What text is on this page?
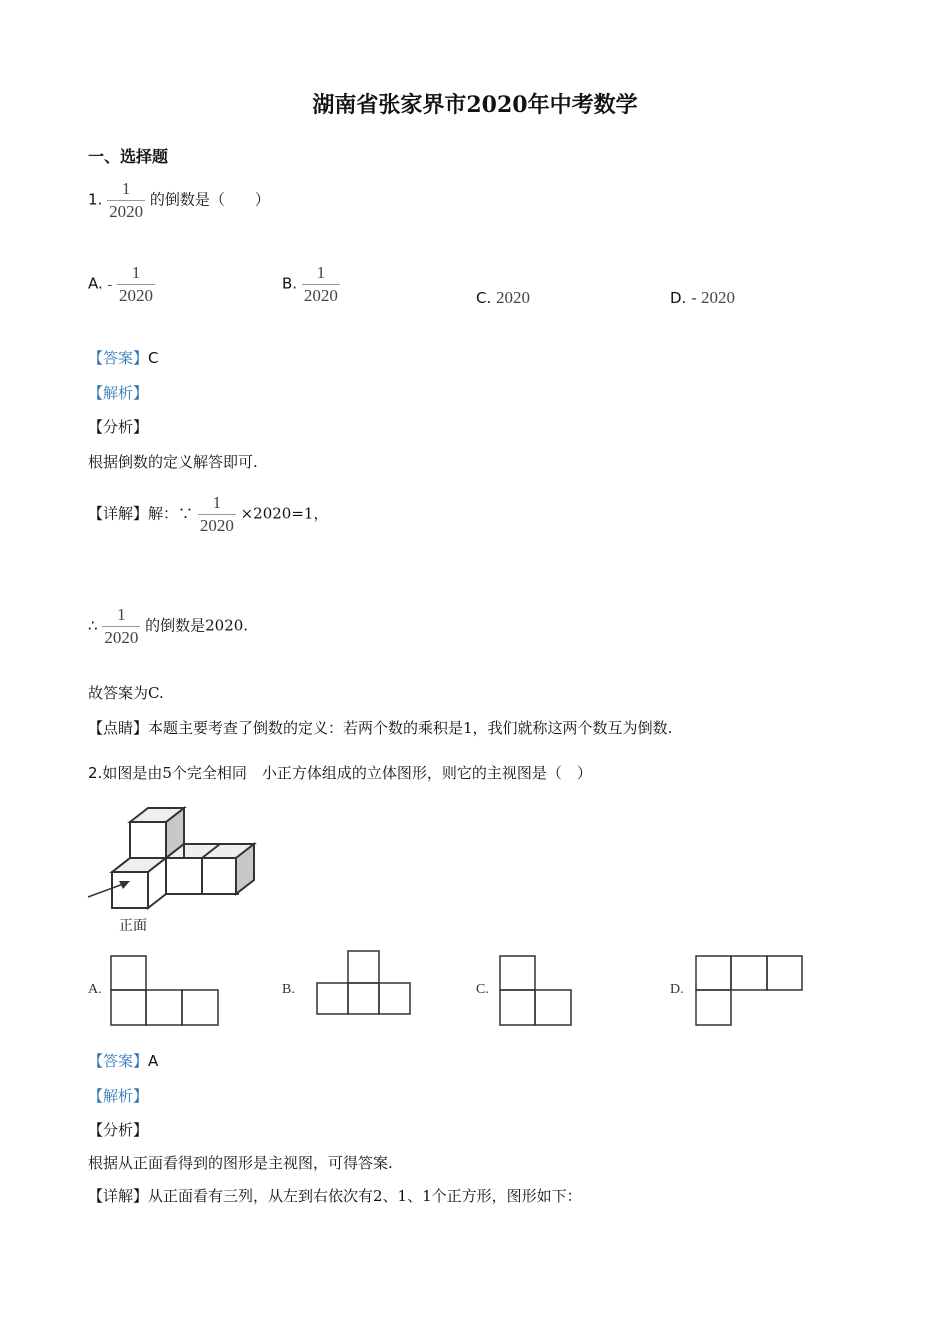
湖南省张家界市2020年中考数学
一、选择题
1. $\frac{1}{2020}$ 的倒数是（　　）
A. - $\frac{1}{2020}$	B. $\frac{1}{2020}$	C. 2020	D. - 2020
【答案】C
【解析】
【分析】
根据倒数的定义解答即可.
【详解】解：∵ $\frac{1}{2020} \times 2020=1$，
∴ $\frac{1}{2020}$ 的倒数是2020.
故答案为C.
【点睛】本题主要考查了倒数的定义：若两个数的乘积是1，我们就称这两个数互为倒数.
2.如图是由5个完全相同　小正方体组成的立体图形，则它的主视图是（　）
正面
A.	B.	C.	D.
【答案】A
【解析】
【分析】
根据从正面看得到的图形是主视图，可得答案.
【详解】从正面看有三列，从左到右依次有2、1、1个正方形，图形如下：
